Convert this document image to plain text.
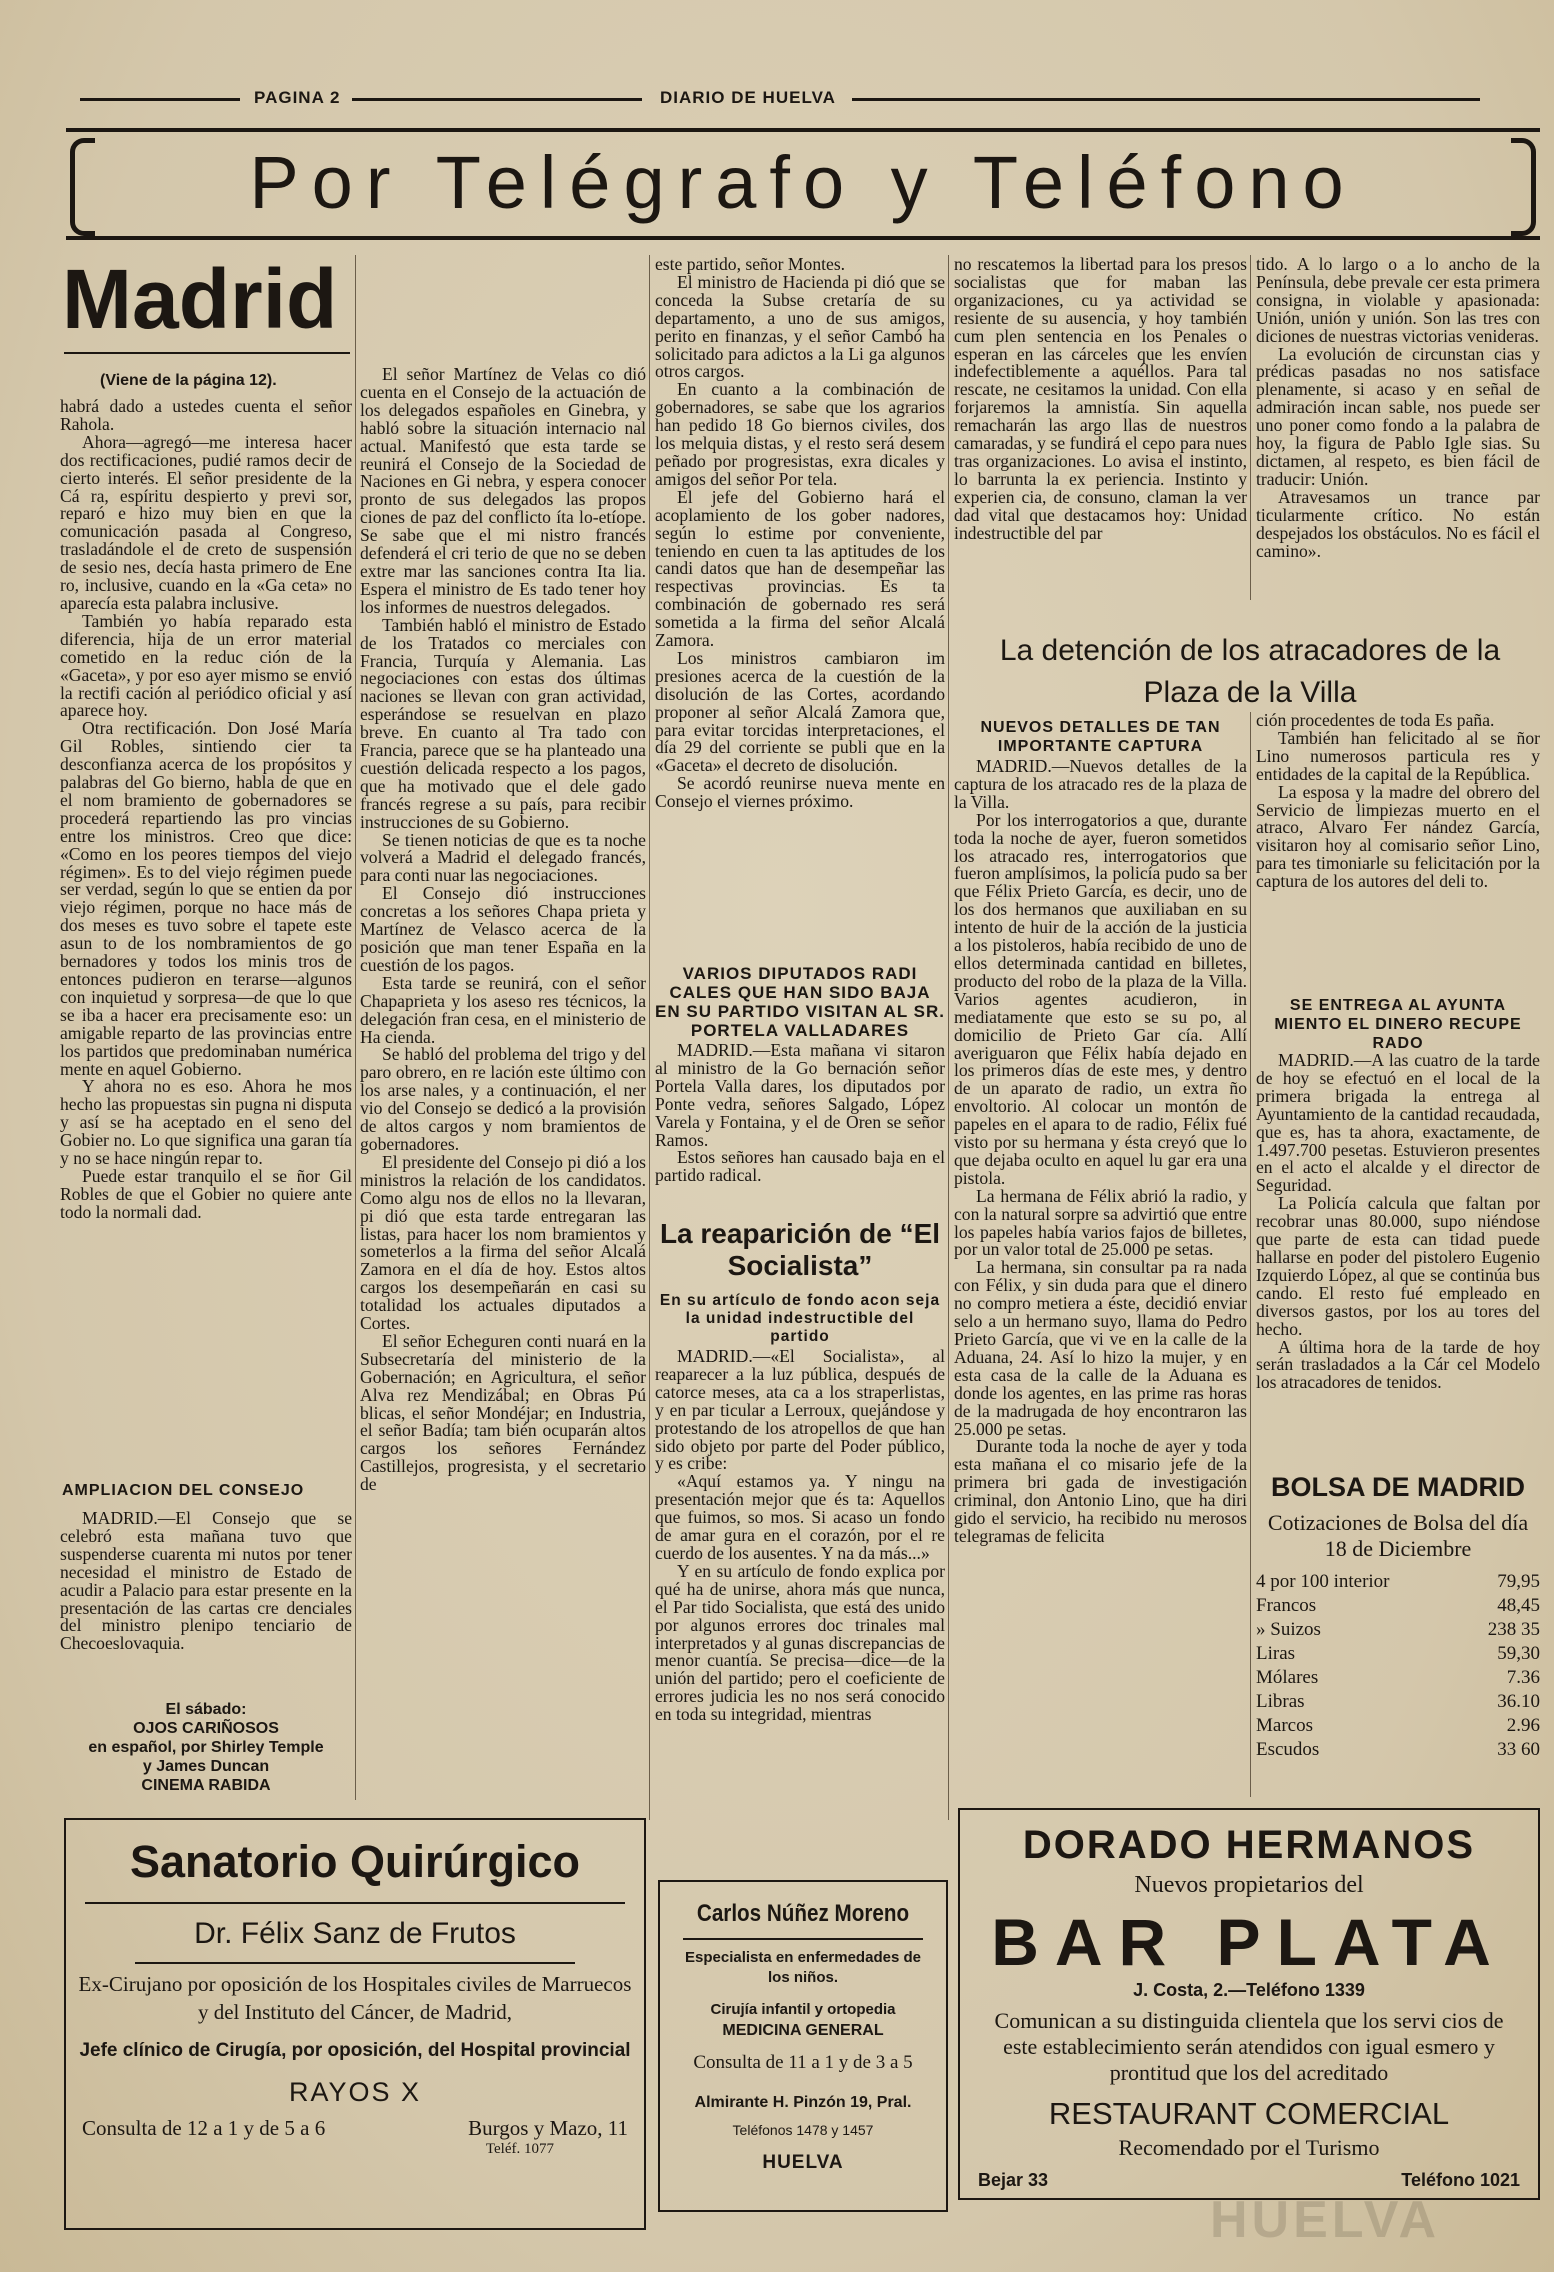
PAGINA 2	DIARIO DE HUELVA
Por Telégrafo y Teléfono
Madrid
(Viene de la página 12).

habrá dado a ustedes cuenta el señor Rahola.

Ahora—agregó—me interesa hacer dos rectificaciones, pudié ramos decir de cierto interés. El señor presidente de la Cá ra, espíritu despierto y previ sor, reparó e hizo muy bien en que la comunicación pasada al Congreso, trasladándole el de creto de suspensión de sesio nes, decía hasta primero de Ene ro, inclusive, cuando en la «Ga ceta» no aparecía esta palabra inclusive.

También yo había reparado esta diferencia, hija de un error material cometido en la reduc ción de la «Gaceta», y por eso ayer mismo se envió la rectifi cación al periódico oficial y así aparece hoy.

Otra rectificación. Don José María Gil Robles, sintiendo cier ta desconfianza acerca de los propósitos y palabras del Go bierno, habla de que en el nom bramiento de gobernadores se procederá repartiendo las pro vincias entre los ministros. Creo que dice: «Como en los peores tiempos del viejo régimen». Es to del viejo régimen puede ser verdad, según lo que se entien da por viejo régimen, porque no hace más de dos meses es tuvo sobre el tapete este asun to de los nombramientos de go bernadores y todos los minis tros de entonces pudieron en terarse—algunos con inquietud y sorpresa—de que lo que se iba a hacer era precisamente eso: un amigable reparto de las provincias entre los partidos que predominaban numérica mente en aquel Gobierno.

Y ahora no es eso. Ahora he mos hecho las propuestas sin pugna ni disputa y así se ha aceptado en el seno del Gobier no. Lo que significa una garan tía y no se hace ningún repar to.

Puede estar tranquilo el se ñor Gil Robles de que el Gobier no quiere ante todo la normali dad.

AMPLIACION DEL CONSEJO

MADRID.—El Consejo que se celebró esta mañana tuvo que suspenderse cuarenta mi nutos por tener necesidad el ministro de Estado de acudir a Palacio para estar presente en la presentación de las cartas cre denciales del ministro plenipo tenciario de Checoeslovaquia.

El sábado:
OJOS CARIÑOSOS
en español, por Shirley Temple
y James Duncan
CINEMA RABIDA

El señor Martínez de Velas co dió cuenta en el Consejo de la actuación de los delegados españoles en Ginebra, y habló sobre la situación internacio nal actual. Manifestó que esta tarde se reunirá el Consejo de la Sociedad de Naciones en Gi nebra, y espera conocer pronto de sus delegados las propos ciones de paz del conflicto íta lo-etíope. Se sabe que el mi nistro francés defenderá el cri terio de que no se deben extre mar las sanciones contra Ita lia. Espera el ministro de Es tado tener hoy los informes de nuestros delegados.

También habló el ministro de Estado de los Tratados co merciales con Francia, Turquía y Alemania. Las negociaciones con estas dos últimas naciones se llevan con gran actividad, esperándose se resuelvan en plazo breve. En cuanto al Tra tado con Francia, parece que se ha planteado una cuestión delicada respecto a los pagos, que ha motivado que el dele gado francés regrese a su país, para recibir instrucciones de su Gobierno.

Se tienen noticias de que es ta noche volverá a Madrid el delegado francés, para conti nuar las negociaciones.

El Consejo dió instrucciones concretas a los señores Chapa prieta y Martínez de Velasco acerca de la posición que man tener España en la cuestión de los pagos.

Esta tarde se reunirá, con el señor Chapaprieta y los aseso res técnicos, la delegación fran cesa, en el ministerio de Ha cienda.

Se habló del problema del trigo y del paro obrero, en re lación este último con los arse nales, y a continuación, el ner vio del Consejo se dedicó a la provisión de altos cargos y nom bramientos de gobernadores.

El presidente del Consejo pi dió a los ministros la relación de los candidatos. Como algu nos de ellos no la llevaran, pi dió que esta tarde entregaran las listas, para hacer los nom bramientos y someterlos a la firma del señor Alcalá Zamora en el día de hoy. Estos altos cargos los desempeñarán en casi su totalidad los actuales diputados a Cortes.

El señor Echeguren conti nuará en la Subsecretaría del ministerio de la Gobernación; en Agricultura, el señor Alva rez Mendizábal; en Obras Pú blicas, el señor Mondéjar; en Industria, el señor Badía; tam bién ocuparán altos cargos los señores Fernández Castillejos, progresista, y el secretario de

este partido, señor Montes.

El ministro de Hacienda pi dió que se conceda la Subse cretaría de su departamento, a uno de sus amigos, perito en finanzas, y el señor Cambó ha solicitado para adictos a la Li ga algunos otros cargos.

En cuanto a la combinación de gobernadores, se sabe que los agrarios han pedido 18 Go biernos civiles, dos los melquia distas, y el resto será desem peñado por progresistas, exra dicales y amigos del señor Por tela.

El jefe del Gobierno hará el acoplamiento de los gober nadores, según lo estime por conveniente, teniendo en cuen ta las aptitudes de los candi datos que han de desempeñar las respectivas provincias. Es ta combinación de gobernado res será sometida a la firma del señor Alcalá Zamora.

Los ministros cambiaron im presiones acerca de la cuestión de la disolución de las Cortes, acordando proponer al señor Alcalá Zamora que, para evitar torcidas interpretaciones, el día 29 del corriente se publi que en la «Gaceta» el decreto de disolución.

Se acordó reunirse nueva mente en Consejo el viernes próximo.

VARIOS DIPUTADOS RADI CALES QUE HAN SIDO BAJA EN SU PARTIDO VISITAN AL SR. PORTELA VALLADARES

MADRID.—Esta mañana vi sitaron al ministro de la Go bernación señor Portela Valla dares, los diputados por Ponte vedra, señores Salgado, López Varela y Fontaina, y el de Oren se señor Ramos.

Estos señores han causado baja en el partido radical.

La reaparición de “El Socialista”
En su artículo de fondo acon seja la unidad indestructible del partido

MADRID.—«El Socialista», al reaparecer a la luz pública, después de catorce meses, ata ca a los straperlistas, y en par ticular a Lerroux, quejándose y protestando de los atropellos de que han sido objeto por parte del Poder público, y es cribe:

«Aquí estamos ya. Y ningu na presentación mejor que és ta: Aquellos que fuimos, so mos. Si acaso un fondo de amar gura en el corazón, por el re cuerdo de los ausentes. Y na da más...»

Y en su artículo de fondo explica por qué ha de unirse, ahora más que nunca, el Par tido Socialista, que está des unido por algunos errores doc trinales mal interpretados y al gunas discrepancias de menor cuantía. Se precisa—dice—de la unión del partido; pero el coeficiente de errores judicia les no nos será conocido en toda su integridad, mientras

no rescatemos la libertad para los presos socialistas que for maban las organizaciones, cu ya actividad se resiente de su ausencia, y hoy también cum plen sentencia en los Penales o esperan en las cárceles que les envíen indefectiblemente a aquéllos. Para tal rescate, ne cesitamos la unidad. Con ella forjaremos la amnistía. Sin aquella remacharán las argo llas de nuestros camaradas, y se fundirá el cepo para nues tras organizaciones. Lo avisa el instinto, lo barrunta la ex periencia. Instinto y experien cia, de consuno, claman la ver dad vital que destacamos hoy: Unidad indestructible del par

tido. A lo largo o a lo ancho de la Península, debe prevale cer esta primera consigna, in violable y apasionada: Unión, unión y unión. Son las tres con diciones de nuestras victorias venideras.

La evolución de circunstan cias y prédicas pasadas no nos satisface plenamente, si acaso y en señal de admiración incan sable, nos puede ser uno poner como fondo a la palabra de hoy, la figura de Pablo Igle sias. Su dictamen, al respeto, es bien fácil de traducir: Unión.

Atravesamos un trance par ticularmente crítico. No están despejados los obstáculos. No es fácil el camino».

La detención de los atracadores de la Plaza de la Villa
NUEVOS DETALLES DE TAN IMPORTANTE CAPTURA

MADRID.—Nuevos detalles de la captura de los atracado res de la plaza de la Villa.

Por los interrogatorios a que, durante toda la noche de ayer, fueron sometidos los atracado res, interrogatorios que fueron amplísimos, la policía pudo sa ber que Félix Prieto García, es decir, uno de los dos hermanos que auxiliaban en su intento de huir de la acción de la justicia a los pistoleros, había recibido de uno de ellos determinada cantidad en billetes, producto del robo de la plaza de la Villa. Varios agentes acudieron, in mediatamente que esto se su po, al domicilio de Prieto Gar cía. Allí averiguaron que Félix había dejado en los primeros días de este mes, y dentro de un aparato de radio, un extra ño envoltorio. Al colocar un montón de papeles en el apara to de radio, Félix fué visto por su hermana y ésta creyó que lo que dejaba oculto en aquel lu gar era una pistola.

La hermana de Félix abrió la radio, y con la natural sorpre sa advirtió que entre los papeles había varios fajos de billetes, por un valor total de 25.000 pe setas.

La hermana, sin consultar pa ra nada con Félix, y sin duda para que el dinero no compro metiera a éste, decidió enviar selo a un hermano suyo, llama do Pedro Prieto García, que vi ve en la calle de la Aduana, 24. Así lo hizo la mujer, y en esta casa de la calle de la Aduana es donde los agentes, en las prime ras horas de la madrugada de hoy encontraron las 25.000 pe setas.

Durante toda la noche de ayer y toda esta mañana el co misario jefe de la primera bri gada de investigación criminal, don Antonio Lino, que ha diri gido el servicio, ha recibido nu merosos telegramas de felicita

ción procedentes de toda Es paña.

También han felicitado al se ñor Lino numerosos particula res y entidades de la capital de la República.

La esposa y la madre del obrero del Servicio de limpiezas muerto en el atraco, Alvaro Fer nández García, visitaron hoy al comisario señor Lino, para tes timoniarle su felicitación por la captura de los autores del deli to.

SE ENTREGA AL AYUNTA MIENTO EL DINERO RECUPE RADO

MADRID.—A las cuatro de la tarde de hoy se efectuó en el local de la primera brigada la entrega al Ayuntamiento de la cantidad recaudada, que es, has ta ahora, exactamente, de 1.497.700 pesetas. Estuvieron presentes en el acto el alcalde y el director de Seguridad.

La Policía calcula que faltan por recobrar unas 80.000, supo niéndose que parte de esta can tidad puede hallarse en poder del pistolero Eugenio Izquierdo López, al que se continúa bus cando. El resto fué empleado en diversos gastos, por los au tores del hecho.

A última hora de la tarde de hoy serán trasladados a la Cár cel Modelo los atracadores de tenidos.

BOLSA DE MADRID
Cotizaciones de Bolsa del día 18 de Diciembre
4 por 100 interior	79,95
Francos	48,45
» Suizos	238 35
Liras	59,30
Mólares	7.36
Libras	36.10
Marcos	2.96
Escudos	33 60
Sanatorio Quirúrgico
Dr. Félix Sanz de Frutos
Ex-Cirujano por oposición de los Hospitales civiles de Marruecos y del Instituto del Cáncer, de Madrid,
Jefe clínico de Cirugía, por oposición, del Hospital provincial
RAYOS X
Consulta de 12 a 1 y de 5 a 6	Burgos y Mazo, 11
Teléf. 1077
Carlos Núñez Moreno
Especialista en enfermedades de los niños.
Cirujía infantil y ortopedia
MEDICINA GENERAL
Consulta de 11 a 1 y de 3 a 5
Almirante H. Pinzón 19, Pral.
Teléfonos 1478 y 1457
HUELVA
DORADO HERMANOS
Nuevos propietarios del
BAR PLATA
J. Costa, 2.—Teléfono 1339
Comunican a su distinguida clientela que los servi cios de este establecimiento serán atendidos con igual esmero y prontitud que los del acreditado
RESTAURANT COMERCIAL
Recomendado por el Turismo
Bejar 33	Teléfono 1021
HUELVA
